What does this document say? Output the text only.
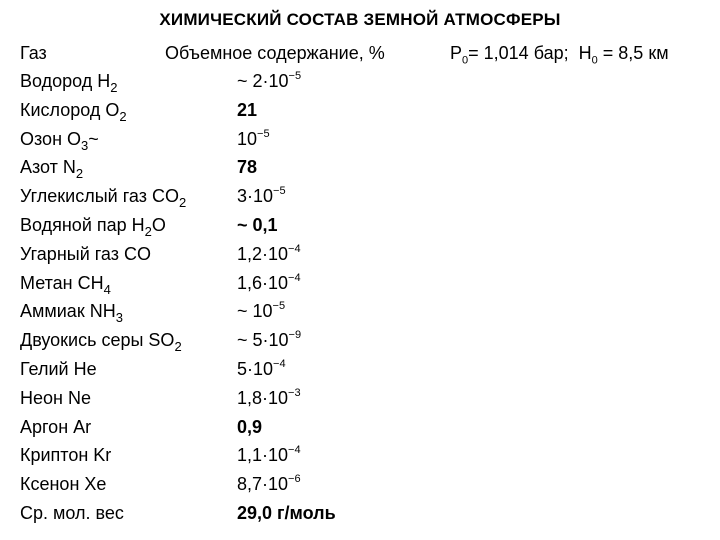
ХИМИЧЕСКИЙ СОСТАВ ЗЕМНОЙ АТМОСФЕРЫ
Газ	Объемное содержание, %	$P_0= 1,014$ бар; $H_0 = 8,5$ км
Водород $H_2$	~ $2\cdot 10^{-5}$
Кислород $O_2$	21
Озон $O_3\sim$	$10^{-5}$
Азот $N_2$	78
Углекислый газ $CO_2$	$3\cdot 10^{-5}$
Водяной пар $H_2O$	~ 0,1
Угарный газ CO	$1,2\cdot 10^{-4}$
Метан $CH_4$	$1,6\cdot 10^{-4}$
Аммиак $NH_3$	~ $10^{-5}$
Двуокись серы $SO_2$	~ $5\cdot 10^{-9}$
Гелий He	$5\cdot 10^{-4}$
Неон Ne	$1,8\cdot 10^{-3}$
Аргон Ar	0,9
Криптон Kr	$1,1\cdot 10^{-4}$
Ксенон Xe	$8,7\cdot 10^{-6}$
Ср. мол. вес	29,0 г/моль
